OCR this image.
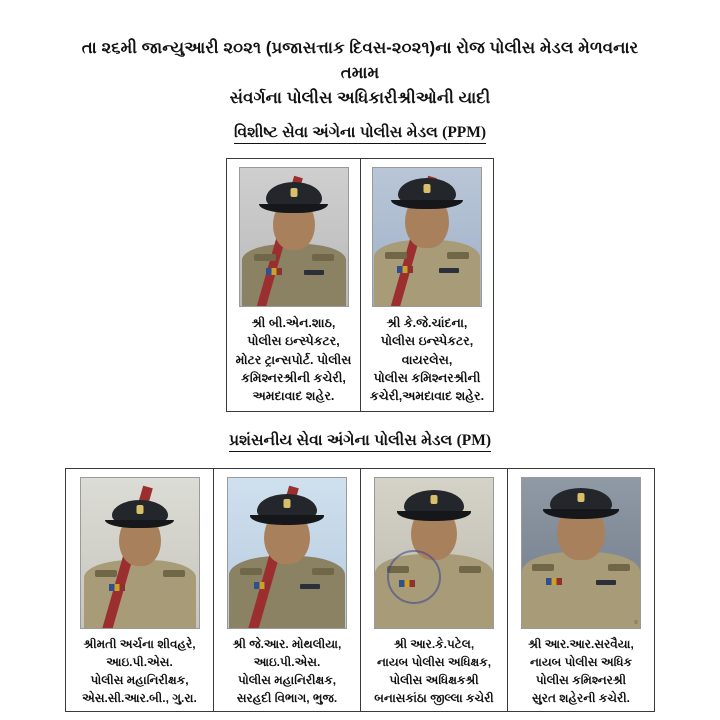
તા ૨૬મી જાન્યુઆરી ૨૦૨૧ (પ્રજાસત્તાક દિવસ-૨૦૨૧)ના રોજ પોલીસ મેડલ મેળવનાર તમામ
સંવર્ગના પોલીસ અધિકારીશ્રીઓની યાદી
વિશીષ્ટ સેવા અંગેના પોલીસ મેડલ (PPM)
શ્રી બી.એન.શાઠ,
પોલીસ ઇન્સ્પેકટર,
મોટર ટ્રાન્સપોર્ટ. પોલીસ
કમિશ્નરશ્રીની કચેરી,
અમદાવાદ શહેર.
શ્રી કે.જે.ચાંદના,
પોલીસ ઇન્સ્પેકટર,
વાયરલેસ,
પોલીસ કમિશ્નરશ્રીની
કચેરી,અમદાવાદ શહેર.
પ્રશંસનીય સેવા અંગેના પોલીસ મેડલ (PM)
શ્રીમતી અર્ચના શીવહરે,
આઇ.પી.એસ.
પોલીસ મહાનિરીક્ષક,
એસ.સી.આર.બી., ગુ.રા.
શ્રી જે.આર. મોથલીયા,
આઇ.પી.એસ.
પોલીસ મહાનિરીક્ષક,
સરહદી વિભાગ, ભુજ.
શ્રી આર.કે.પટેલ,
નાયબ પોલીસ અધિક્ષક,
પોલીસ અધિક્ષકશ્રી
બનાસકાંઠા જીલ્લા કચેરી
©
શ્રી આર.આર.સરવૈયા,
નાયબ પોલીસ અધિક
પોલીસ કમિશ્નરશ્રી
સુરત શહેરની કચેરી.
